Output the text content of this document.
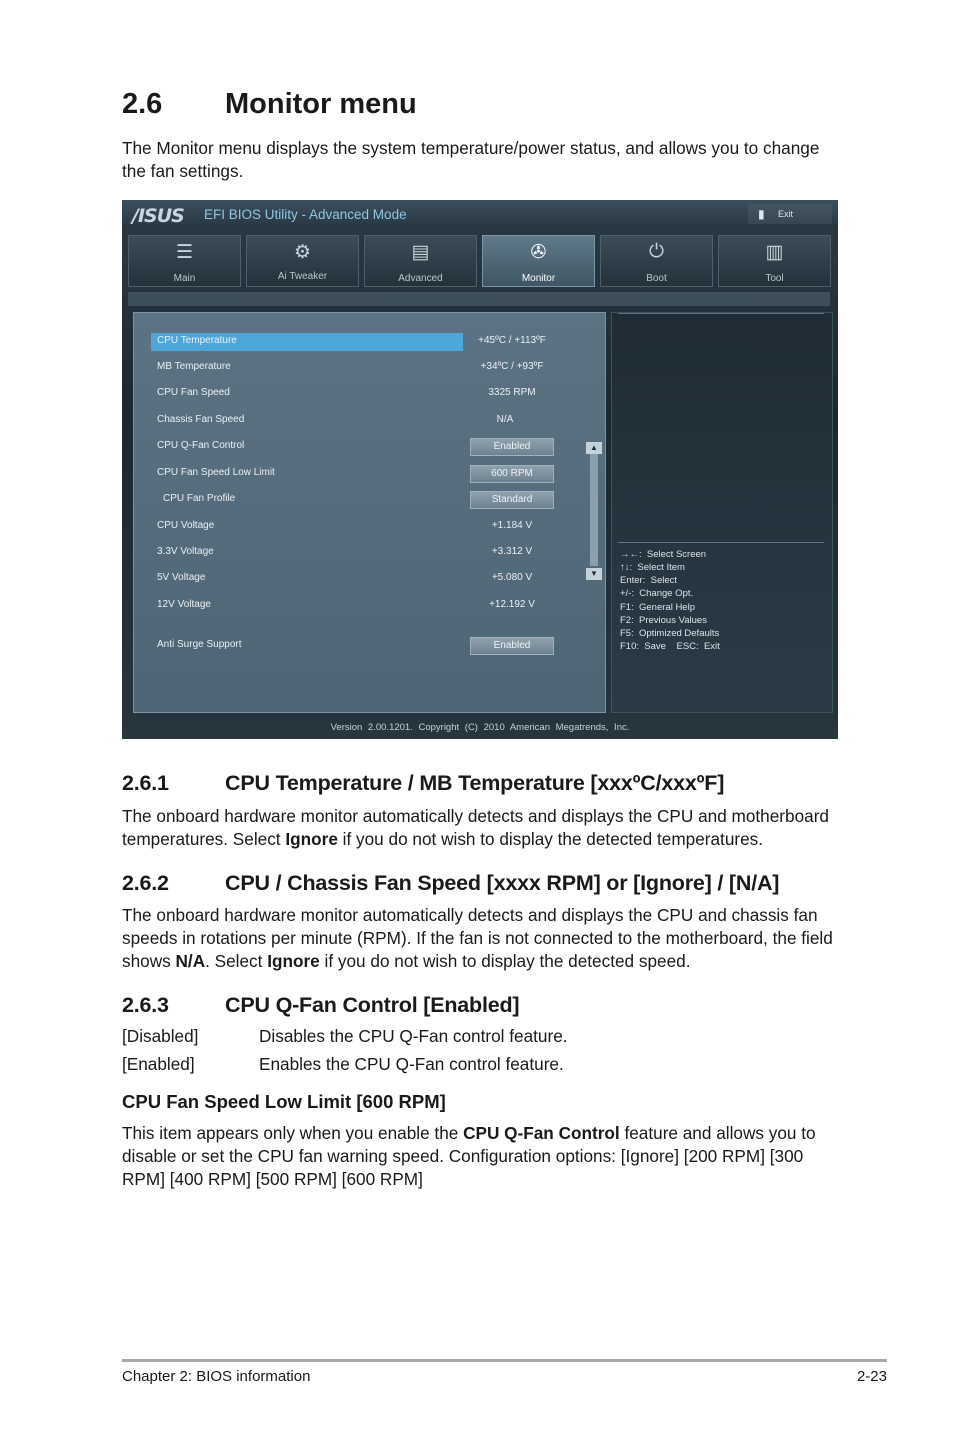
2.6	Monitor menu

The Monitor menu displays the system temperature/power status, and allows you to change the fan settings.

/ISUS EFI BIOS Utility - Advanced Mode	▮ Exit
☰
Main
⚙
Ai Tweaker
▤
Advanced
✇
Monitor
⏻
Boot
▥
Tool
CPU Temperature	+45ºC / +113ºF
MB Temperature	+34ºC / +93ºF
CPU Fan Speed	3325 RPM
Chassis Fan Speed	N/A
CPU Q-Fan Control	Enabled
CPU Fan Speed Low Limit	600 RPM
CPU Fan Profile	Standard
CPU Voltage	+1.184 V
3.3V Voltage	+3.312 V
5V Voltage	+5.080 V
12V Voltage	+12.192 V
Anti Surge Support	Enabled
▲
▼
→←:  Select Screen
↑↓:  Select Item
Enter:  Select
+/-:  Change Opt.
F1:  General Help
F2:  Previous Values
F5:  Optimized Defaults
F10:  Save    ESC:  Exit
Version 2.00.1201. Copyright (C) 2010 American Megatrends, Inc.
2.6.1	CPU Temperature / MB Temperature [xxxºC/xxxºF]

The onboard hardware monitor automatically detects and displays the CPU and motherboard temperatures. Select Ignore if you do not wish to display the detected temperatures.

2.6.2	CPU / Chassis Fan Speed [xxxx RPM] or [Ignore] / [N/A]

The onboard hardware monitor automatically detects and displays the CPU and chassis fan speeds in rotations per minute (RPM). If the fan is not connected to the motherboard, the field shows N/A. Select Ignore if you do not wish to display the detected speed.

2.6.3	CPU Q-Fan Control [Enabled]
[Disabled]	Disables the CPU Q-Fan control feature.
[Enabled]	Enables the CPU Q-Fan control feature.
CPU Fan Speed Low Limit [600 RPM]

This item appears only when you enable the CPU Q-Fan Control feature and allows you to disable or set the CPU fan warning speed. Configuration options: [Ignore] [200 RPM] [300 RPM] [400 RPM] [500 RPM] [600 RPM]

Chapter 2: BIOS information	2-23
